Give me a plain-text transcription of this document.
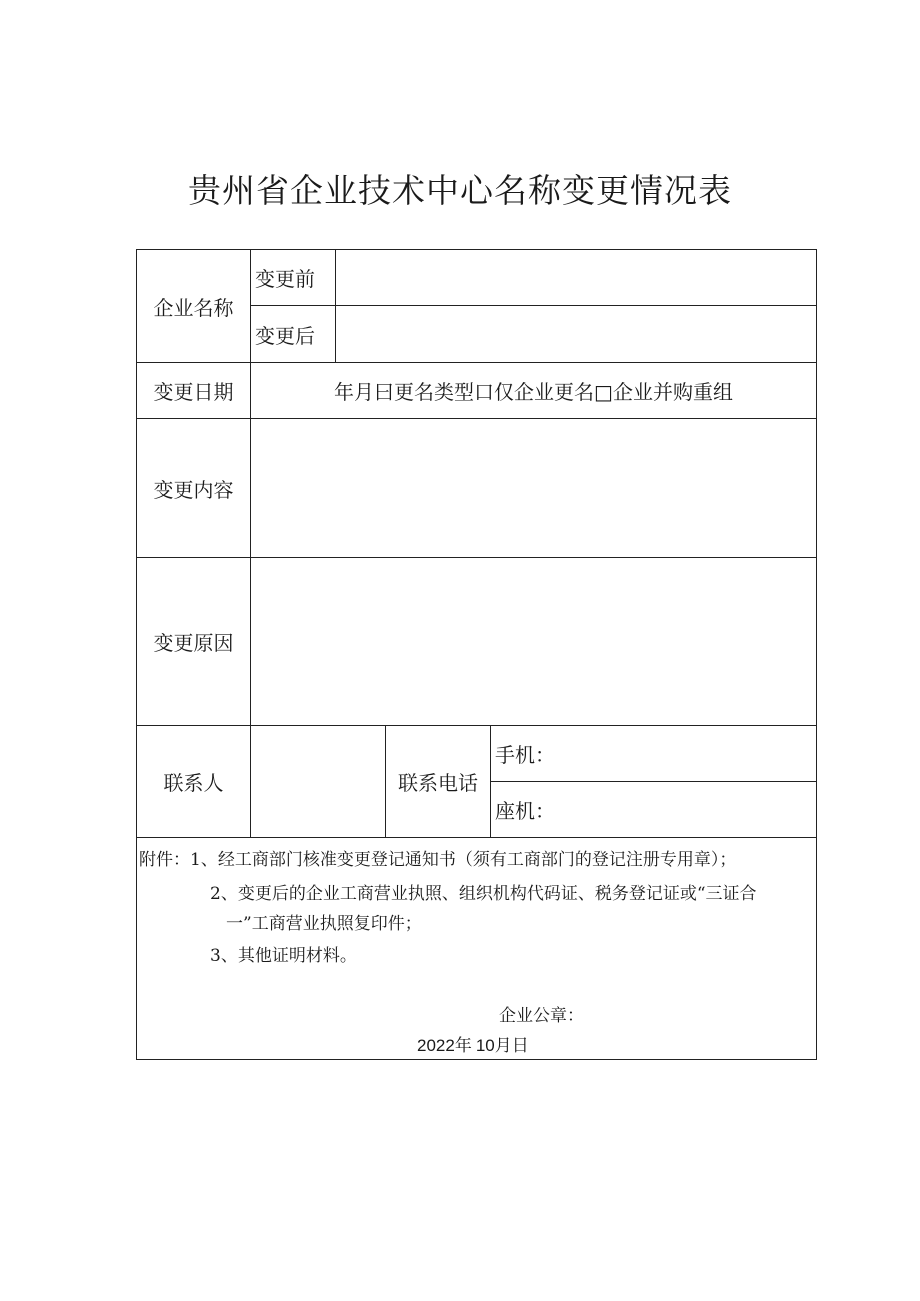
贵州省企业技术中心名称变更情况表
企业名称
变更前
变更后
变更日期	年月曰更名类型口仅企业更名□企业并购重组
变更内容
变更原因
联系人	联系电话
手机：
座机：
附件：1、经工商部门核准变更登记通知书（须有工商部门的登记注册专用章）；
2、变更后的企业工商营业执照、组织机构代码证、税务登记证或“三证合
一”工商营业执照复印件；
3、其他证明材料。
企业公章：
2022年 10月日
